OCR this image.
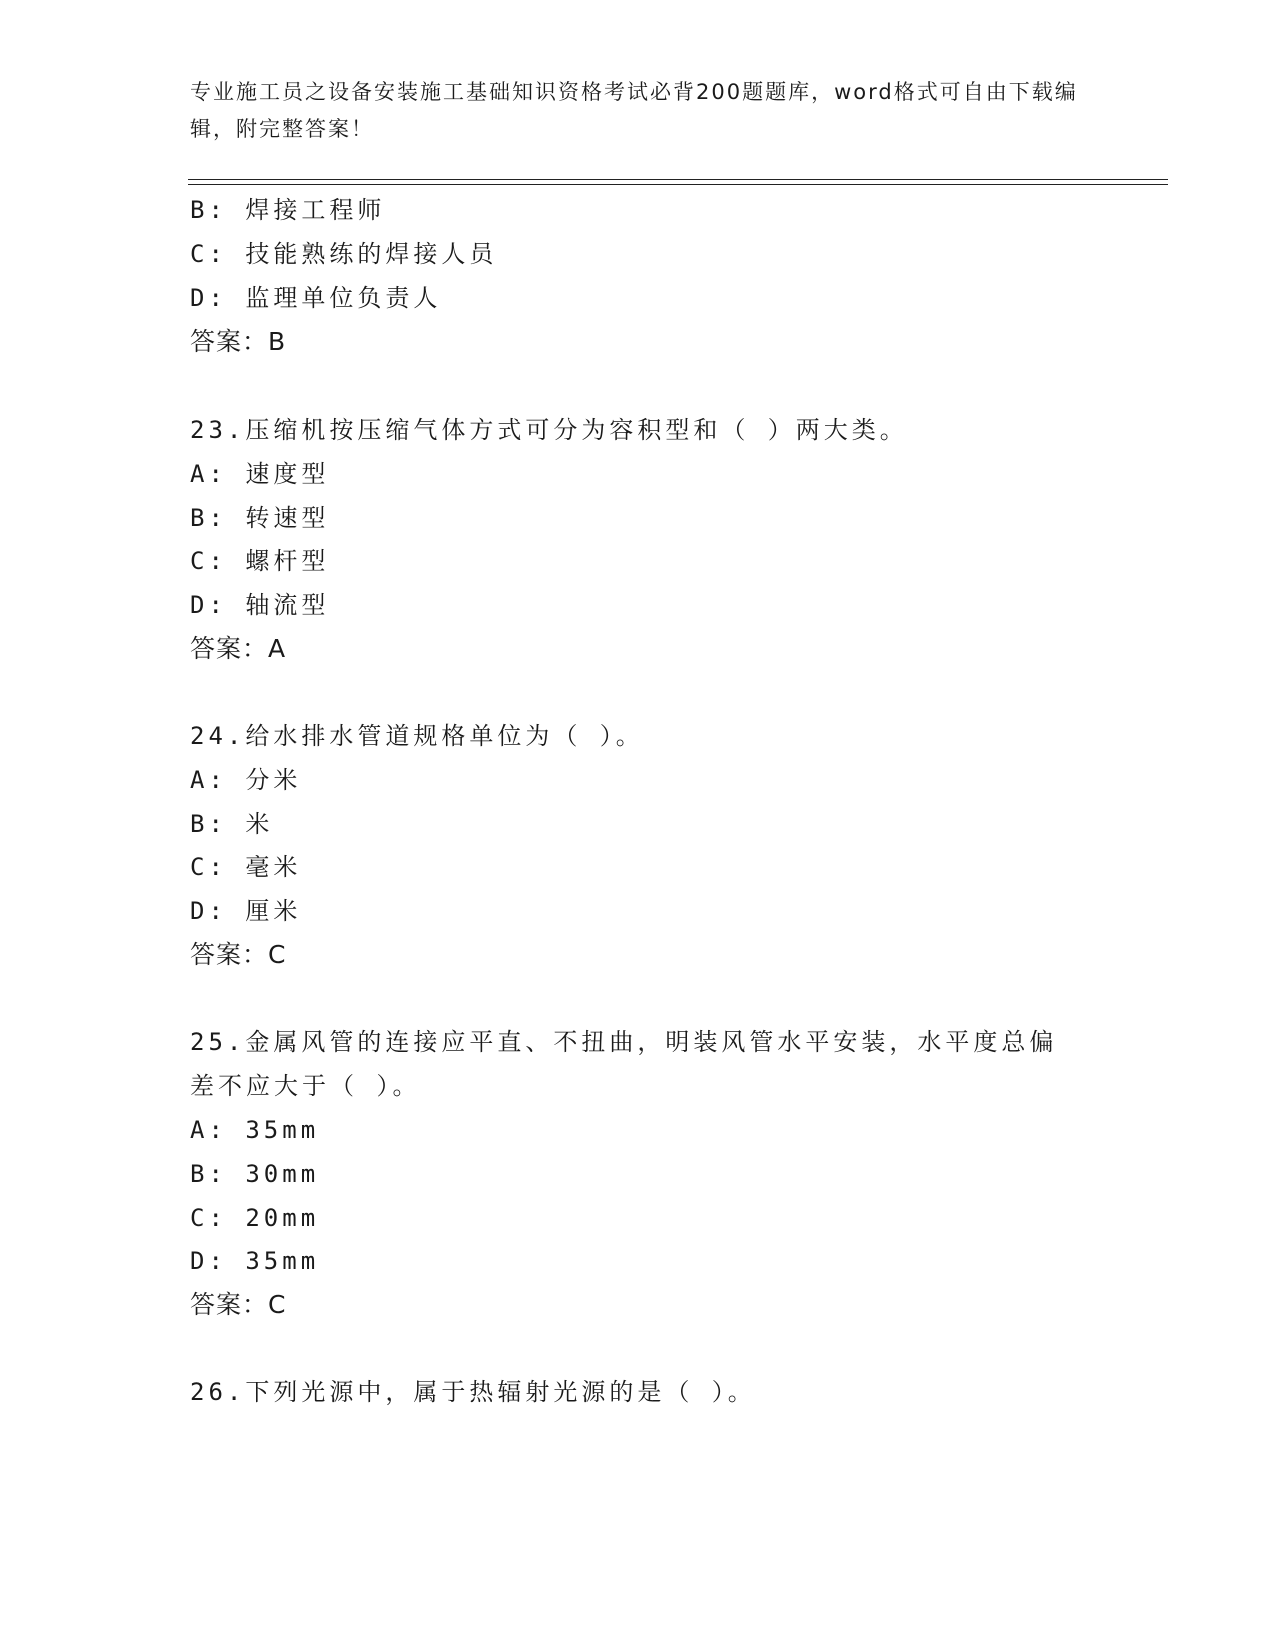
专业施工员之设备安装施工基础知识资格考试必背200题题库，word格式可自由下载编辑，附完整答案！
B: 焊接工程师
C: 技能熟练的焊接人员
D: 监理单位负责人
答案：B
23.压缩机按压缩气体方式可分为容积型和（ ）两大类。
A: 速度型
B: 转速型
C: 螺杆型
D: 轴流型
答案：A
24.给水排水管道规格单位为（ ）。
A: 分米
B: 米
C: 毫米
D: 厘米
答案：C
25.金属风管的连接应平直、不扭曲，明装风管水平安装，水平度总偏
差不应大于（ ）。
A: 35mm
B: 30mm
C: 20mm
D: 35mm
答案：C
26.下列光源中，属于热辐射光源的是（ ）。
